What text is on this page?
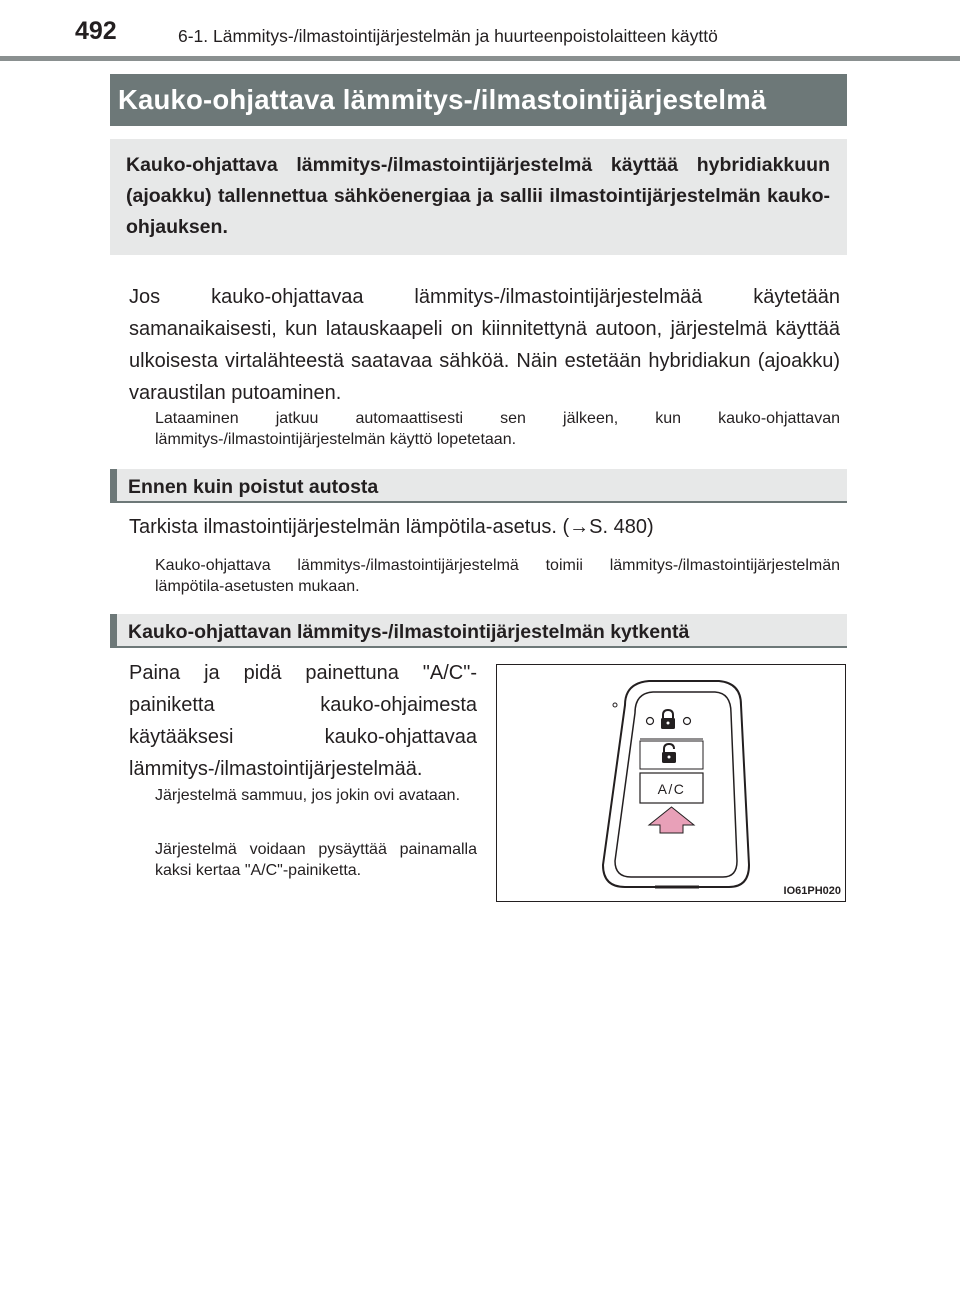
492	6-1. Lämmitys-/ilmastointijärjestelmän ja huurteenpoistolaitteen käyttö
Kauko-ohjattava lämmitys-/ilmastointijärjestelmä
Kauko-ohjattava lämmitys-/ilmastointijärjestelmä käyttää hybridiakkuun (ajoakku) tallennettua sähköenergiaa ja sallii ilmastointijärjestelmän kauko-ohjauksen.
Jos kauko-ohjattavaa lämmitys-/ilmastointijärjestelmää käytetään samanaikaisesti, kun latauskaapeli on kiinnitettynä autoon, järjestelmä käyttää ulkoisesta virtalähteestä saatavaa sähköä. Näin estetään hybridiakun (ajoakku) varaustilan putoaminen.
Lataaminen jatkuu automaattisesti sen jälkeen, kun kauko-ohjattavan lämmitys-/ilmastointijärjestelmän käyttö lopetetaan.
Ennen kuin poistut autosta
Tarkista ilmastointijärjestelmän lämpötila-asetus. (→S. 480)
Kauko-ohjattava lämmitys-/ilmastointijärjestelmä toimii lämmitys-/ilmastointijärjestelmän lämpötila-asetusten mukaan.
Kauko-ohjattavan lämmitys-/ilmastointijärjestelmän kytkentä
Paina ja pidä painettuna "A/C"-painiketta kauko-ohjaimesta käytääksesi kauko-ohjattavaa lämmitys-/ilmastointijärjestelmää.
Järjestelmä sammuu, jos jokin ovi avataan.
Järjestelmä voidaan pysäyttää painamalla kaksi kertaa "A/C"-painiketta.
A/C
IO61PH020
